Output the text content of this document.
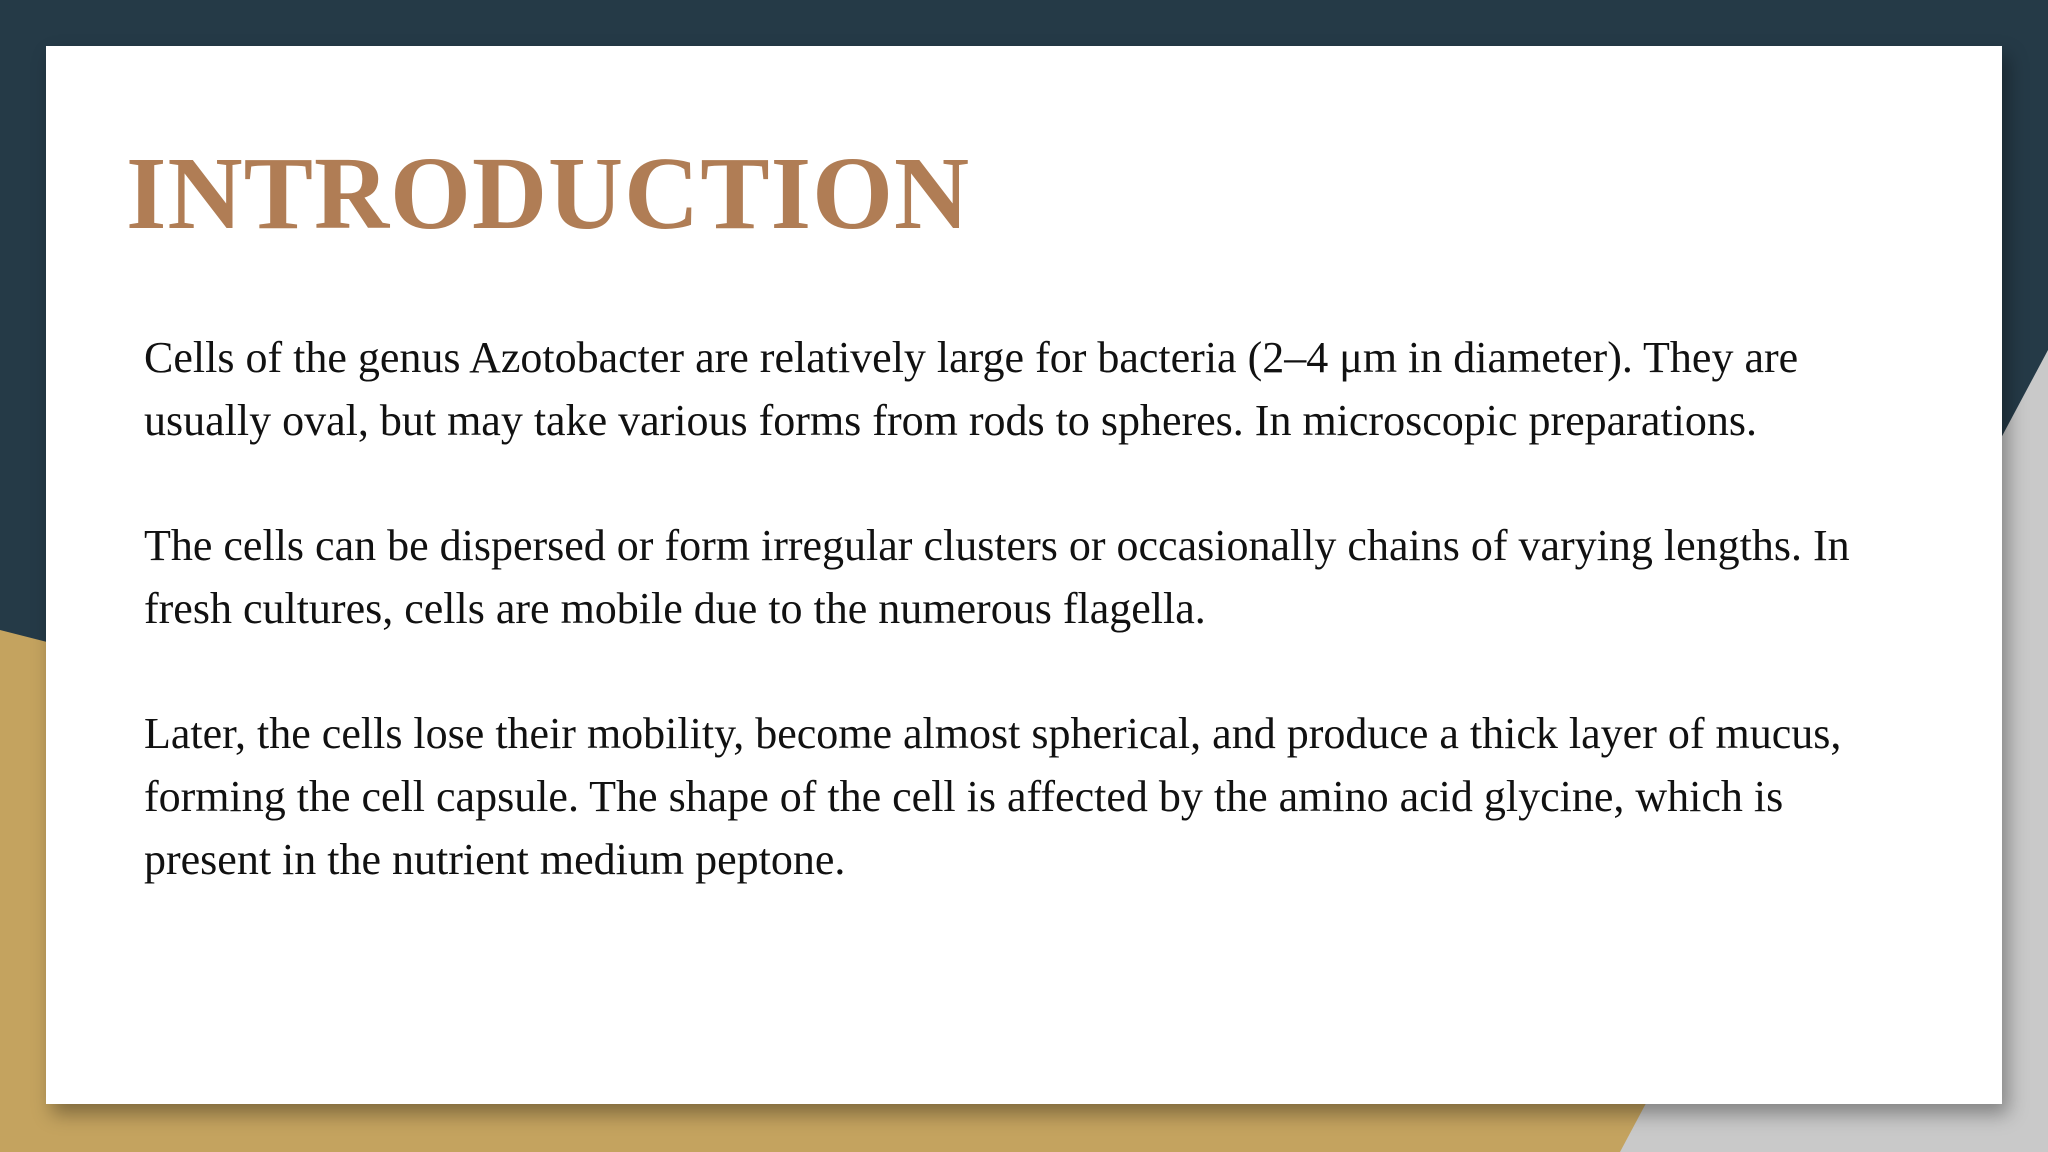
INTRODUCTION

Cells of the genus Azotobacter are relatively large for bacteria (2–4 μm in diameter). They are usually oval, but may take various forms from rods to spheres. In microscopic preparations.

The cells can be dispersed or form irregular clusters or occasionally chains of varying lengths. In fresh cultures, cells are mobile due to the numerous flagella.

Later, the cells lose their mobility, become almost spherical, and produce a thick layer of mucus, forming the cell capsule. The shape of the cell is affected by the amino acid glycine, which is present in the nutrient medium peptone.
